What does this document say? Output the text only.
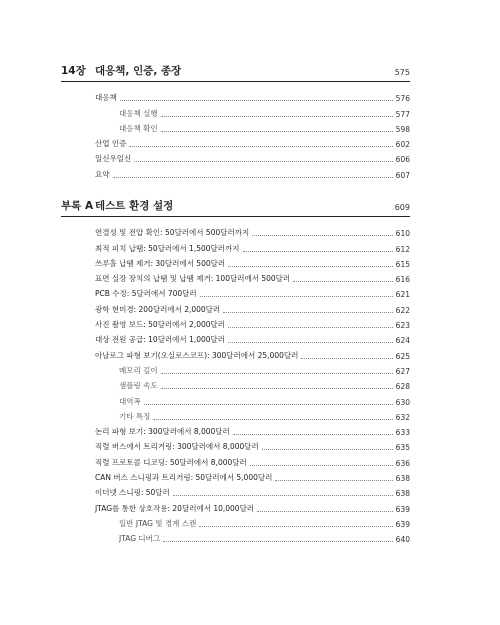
14장 대응책, 인증, 종장	575
대응책	576
대응책 실행	577
대응책 확인	598
산업 인증	602
일신우일신	606
요약	607
부록 A 테스트 환경 설정	609
연결성 및 전압 확인: 50달러에서 500달러까지	610
최적 피치 납땜: 50달러에서 1,500달러까지	612
쓰루홀 납땜 제거: 30달러에서 500달러	615
표면 실장 장치의 납땜 및 납땜 제거: 100달러에서 500달러	616
PCB 수정: 5달러에서 700달러	621
광학 현미경: 200달러에서 2,000달러	622
사진 촬영 보드: 50달러에서 2,000달러	623
대상 전원 공급: 10달러에서 1,000달러	624
아날로그 파형 보기(오실로스코프): 300달러에서 25,000달러	625
메모리 깊이	627
샘플링 속도	628
대역폭	630
기타 특징	632
논리 파형 보기: 300달러에서 8,000달러	633
직렬 버스에서 트리거링: 300달러에서 8,000달러	635
직렬 프로토콜 디코딩: 50달러에서 8,000달러	636
CAN 버스 스니핑과 트리거링: 50달러에서 5,000달러	638
이더넷 스니핑: 50달러	638
JTAG를 통한 상호작용: 20달러에서 10,000달러	639
일반 JTAG 및 경계 스캔	639
JTAG 디버그	640
